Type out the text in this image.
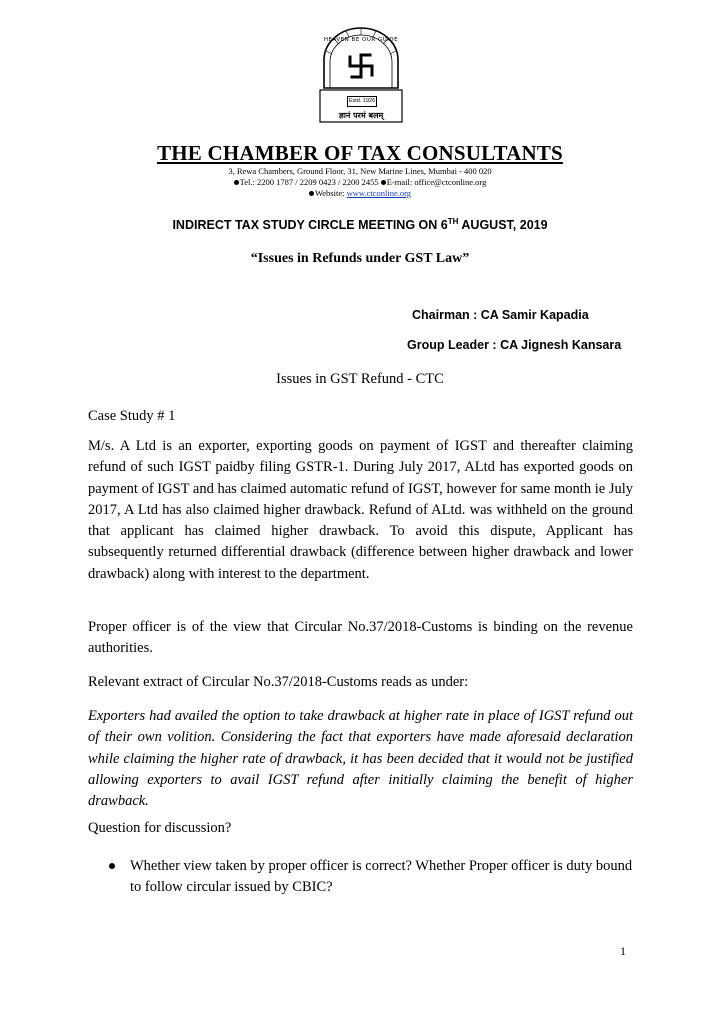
HEAVEN BE OUR GUIDE
Estd. 1926
ज्ञानं परमं बलम्
THE CHAMBER OF TAX CONSULTANTS
3, Rewa Chambers, Ground Floor, 31, New Marine Lines, Mumbai - 400 020
Tel.: 2200 1787 / 2209 0423 / 2200 2455 E-mail: office@ctconline.org
Website: www.ctconline.org
INDIRECT TAX STUDY CIRCLE MEETING ON 6TH AUGUST, 2019
“Issues in Refunds under GST Law”
Chairman : CA Samir Kapadia
Group Leader : CA Jignesh Kansara
Issues in GST Refund - CTC

Case Study # 1

M/s. A Ltd is an exporter, exporting goods on payment of IGST and thereafter claiming refund of such IGST paidby filing GSTR-1. During July 2017, ALtd has exported goods on payment of IGST and has claimed automatic refund of IGST, however for same month ie July 2017, A Ltd has also claimed higher drawback. Refund of ALtd. was withheld on the ground that applicant has claimed higher drawback. To avoid this dispute, Applicant has subsequently returned differential drawback (difference between higher drawback and lower drawback) along with interest to the department.

Proper officer is of the view that Circular No.37/2018-Customs is binding on the revenue authorities.

Relevant extract of Circular No.37/2018-Customs reads as under:

Exporters had availed the option to take drawback at higher rate in place of IGST refund out of their own volition. Considering the fact that exporters have made aforesaid declaration while claiming the higher rate of drawback, it has been decided that it would not be justified allowing exporters to avail IGST refund after initially claiming the benefit of higher drawback.

Question for discussion?

Whether view taken by proper officer is correct? Whether Proper officer is duty bound to follow circular issued by CBIC?
1
